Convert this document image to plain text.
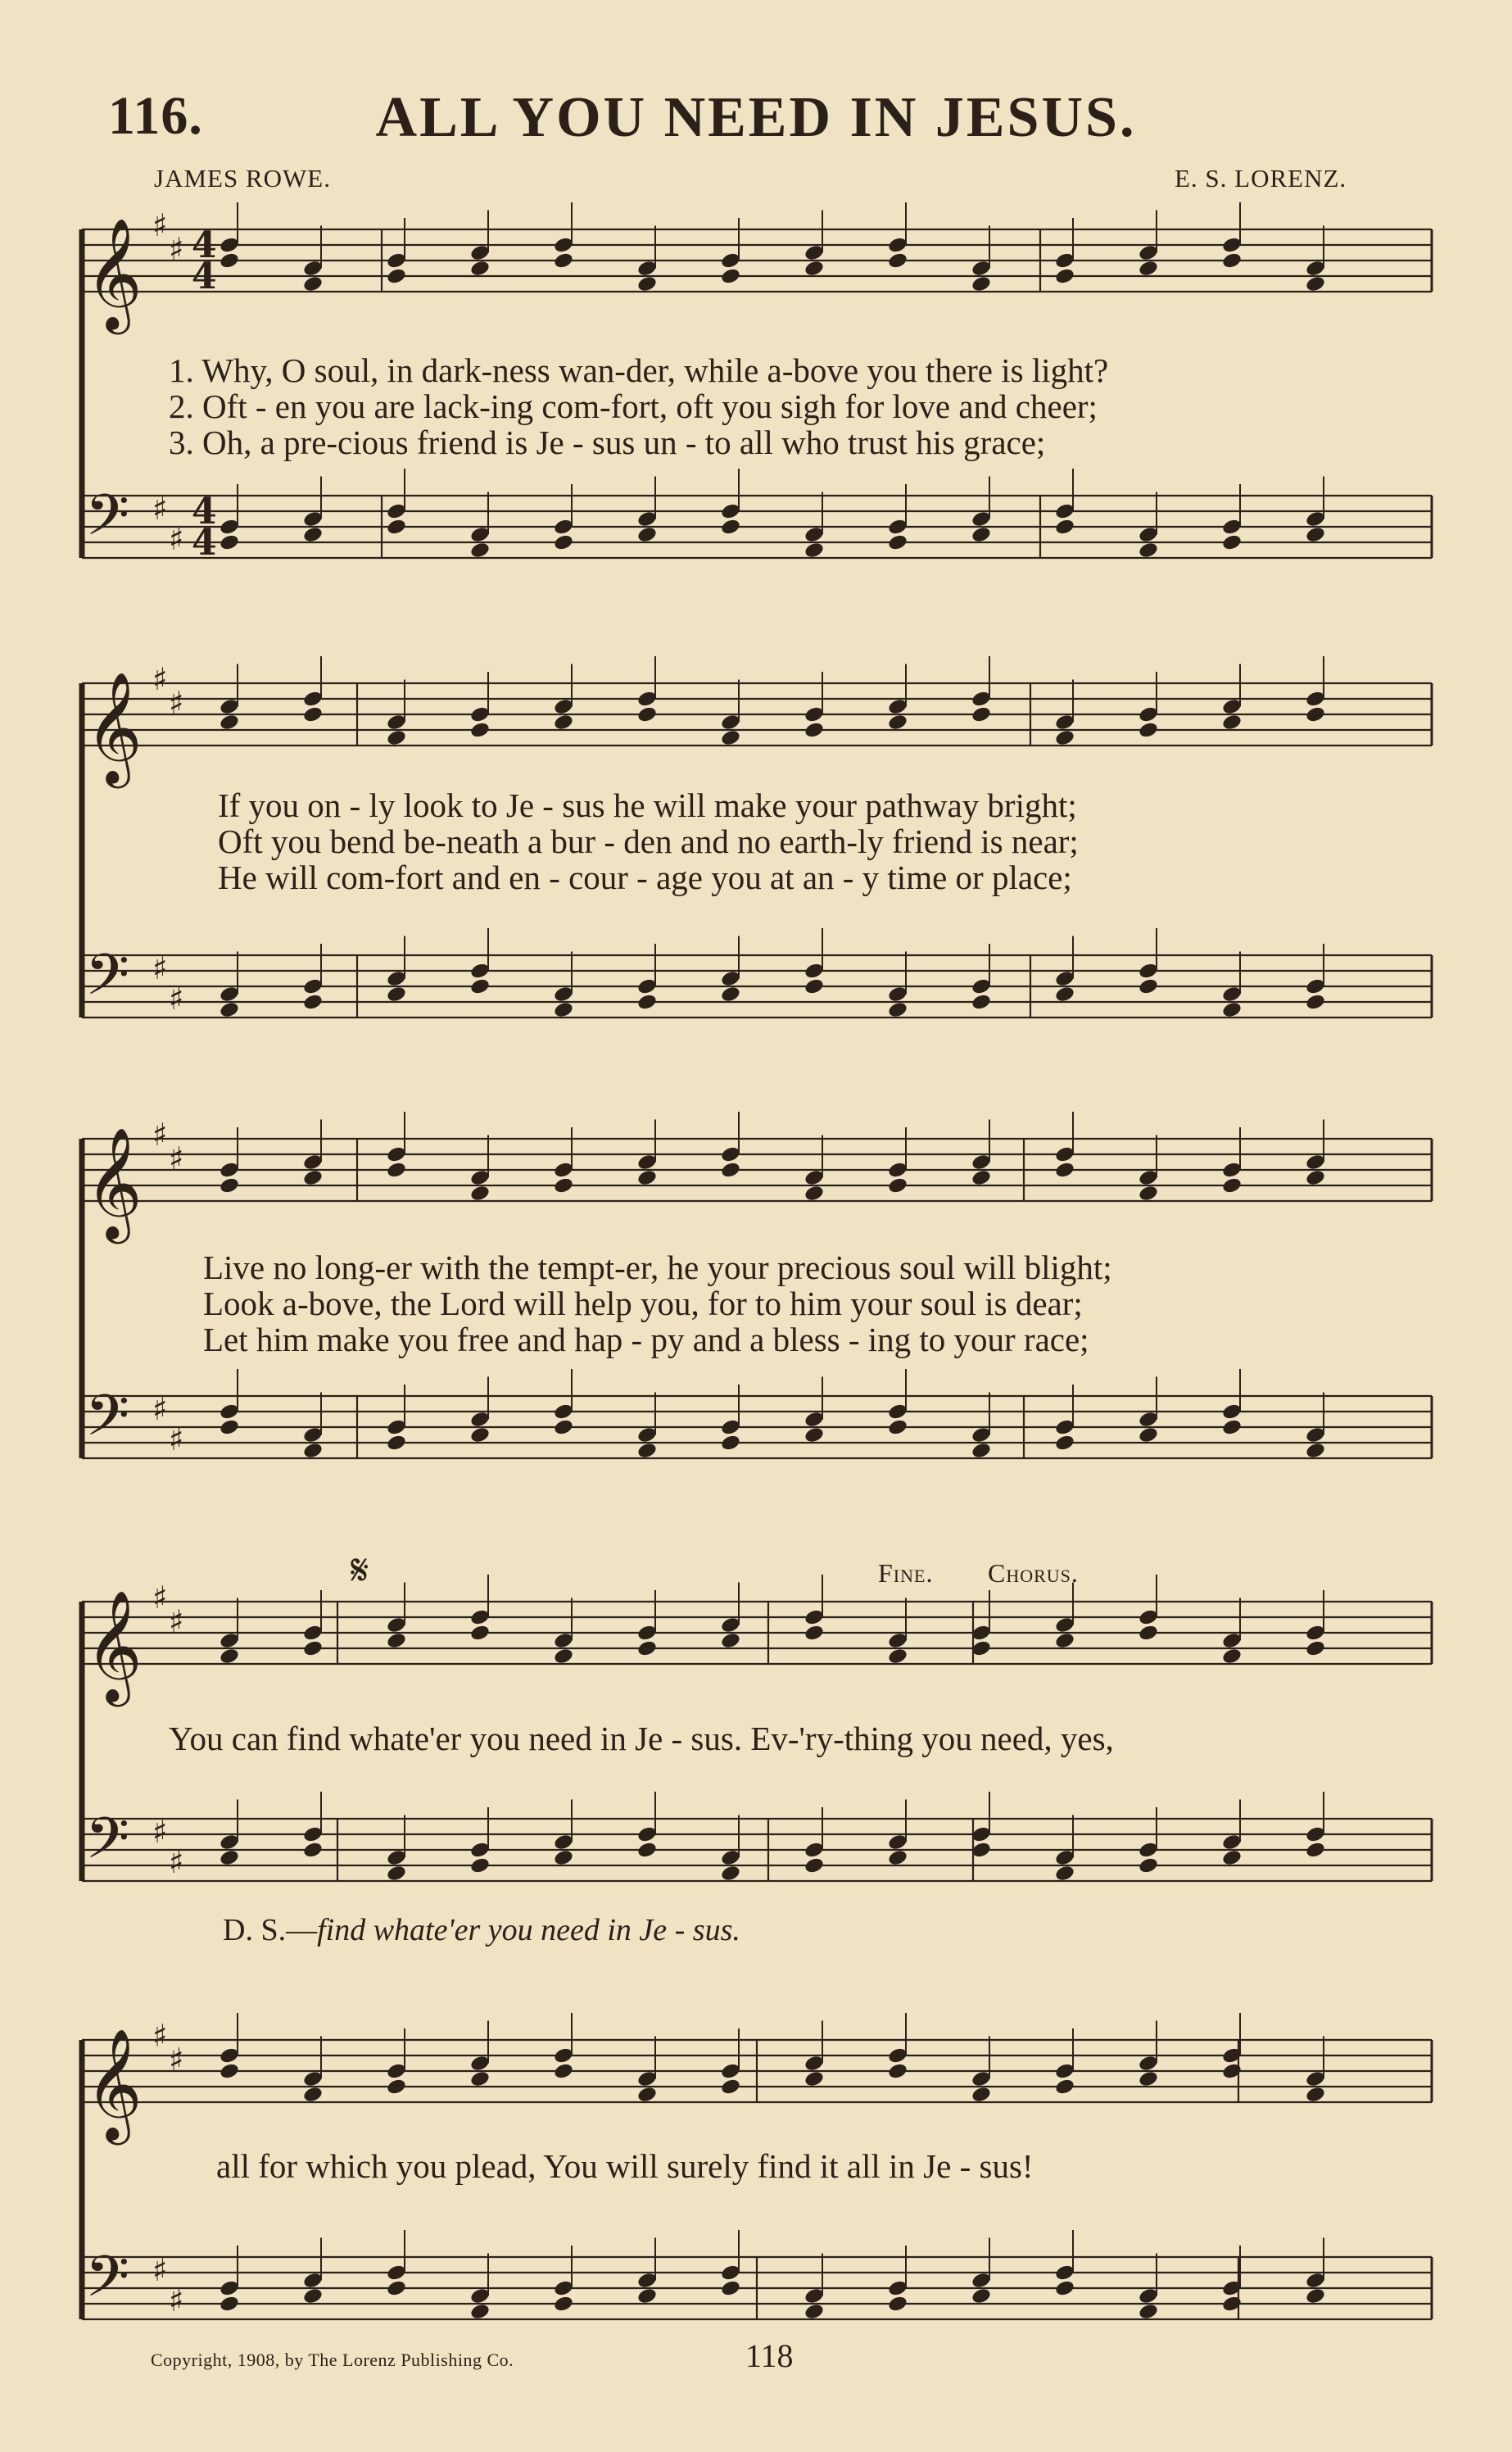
116.	ALL YOU NEED IN JESUS.
JAMES ROWE.	E. S. LORENZ.
𝄞 ♯
♯
𝄢 ♯
♯
𝄞 ♯
♯
𝄢 ♯
♯
𝄞 ♯
♯
𝄢 ♯
♯
𝄞 ♯
♯
𝄢 ♯
♯
𝄞 ♯
♯
𝄢 ♯
♯
4
4
4
4
1. Why, O soul, in dark-ness wan-der, while a-bove you there is light?
2. Oft - en you are lack-ing com-fort, oft you sigh for love and cheer;
3. Oh, a pre-cious friend is Je - sus un - to all who trust his grace;
If you on - ly look to Je - sus he will make your pathway bright;
Oft you bend be-neath a bur - den and no earth-ly friend is near;
He will com-fort and en - cour - age you at an - y time or place;
Live no long-er with the tempt-er, he your precious soul will blight;
Look a-bove, the Lord will help you, for to him your soul is dear;
Let him make you free and hap - py and a bless - ing to your race;
𝄋	Fine. Chorus.
You can find whate'er you need in Je - sus. Ev-'ry-thing you need, yes,
D. S.—find whate'er you need in Je - sus.
all for which you plead, You will surely find it all in Je - sus!
Copyright, 1908, by The Lorenz Publishing Co.	118
